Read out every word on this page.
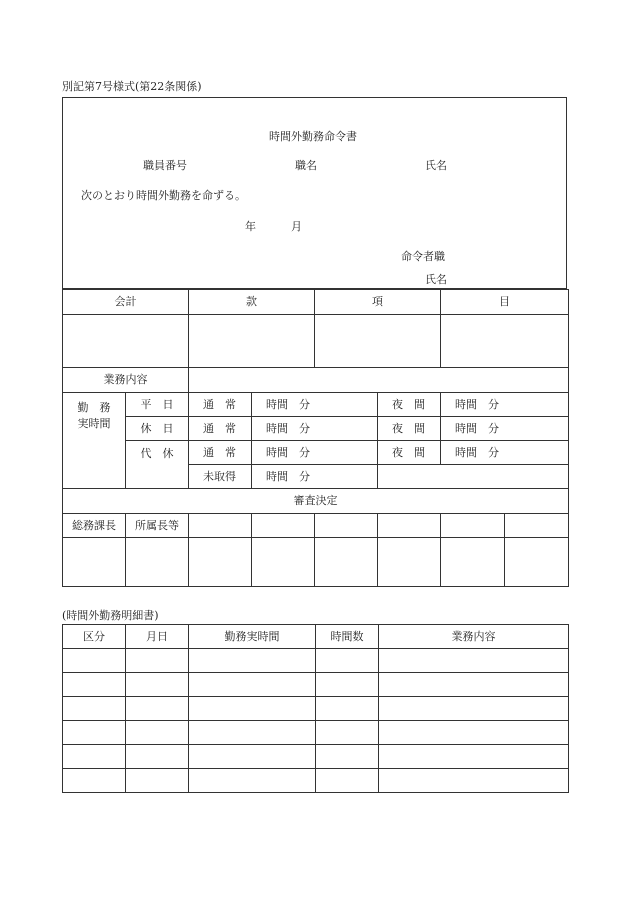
別記第7号様式(第22条関係)
時間外勤務命令書
職員番号	職名	氏名
次のとおり時間外勤務を命ずる。
年	月
命令者職
氏名
会計		款		項		目	

業務内容							

勤　務
実時間	平　日	通　常	時間　分		夜　間	時間　分	
	休　日	通　常	時間　分		夜　間	時間　分	
	代　休	通　常	時間　分		夜　間	時間　分	
		未取得	時間　分				
審査決定							
総務課長	所属長等						

(時間外勤務明細書)
区分	月日	勤務実時間	時間数	業務内容
